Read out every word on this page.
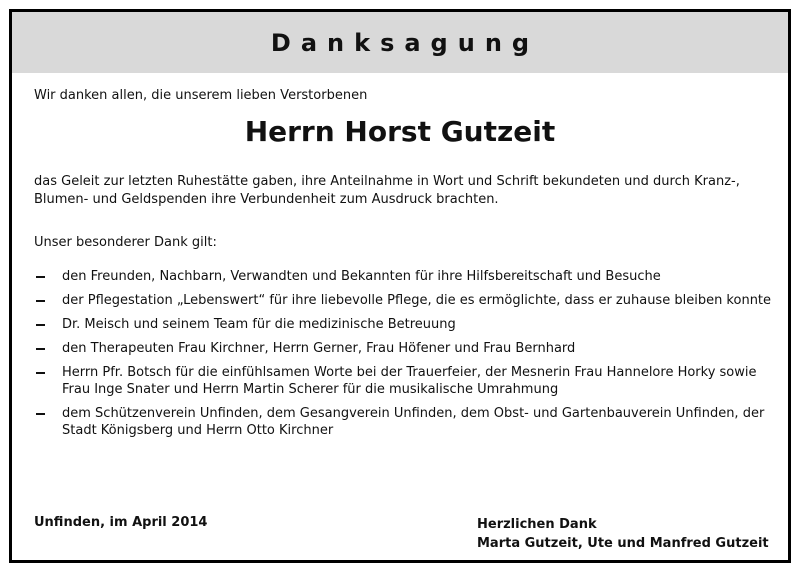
Danksagung
Wir danken allen, die unserem lieben Verstorbenen
Herrn Horst Gutzeit
das Geleit zur letzten Ruhestätte gaben, ihre Anteilnahme in Wort und Schrift bekundeten und durch Kranz-, Blumen- und Geldspenden ihre Verbundenheit zum Ausdruck brachten.
Unser besonderer Dank gilt:
den Freunden, Nachbarn, Verwandten und Bekannten für ihre Hilfsbereitschaft und Besuche
der Pflegestation „Lebenswert“ für ihre liebevolle Pflege, die es ermöglichte, dass er zuhause bleiben konnte
Dr. Meisch und seinem Team für die medizinische Betreuung
den Therapeuten Frau Kirchner, Herrn Gerner, Frau Höfener und Frau Bernhard
Herrn Pfr. Botsch für die einfühlsamen Worte bei der Trauerfeier, der Mesnerin Frau Hannelore Horky sowie Frau Inge Snater und Herrn Martin Scherer für die musikalische Umrahmung
dem Schützenverein Unfinden, dem Gesangverein Unfinden, dem Obst- und Gartenbauverein Unfinden, der Stadt Königsberg und Herrn Otto Kirchner
Unfinden, im April 2014	Herzlichen Dank
Marta Gutzeit, Ute und Manfred Gutzeit
